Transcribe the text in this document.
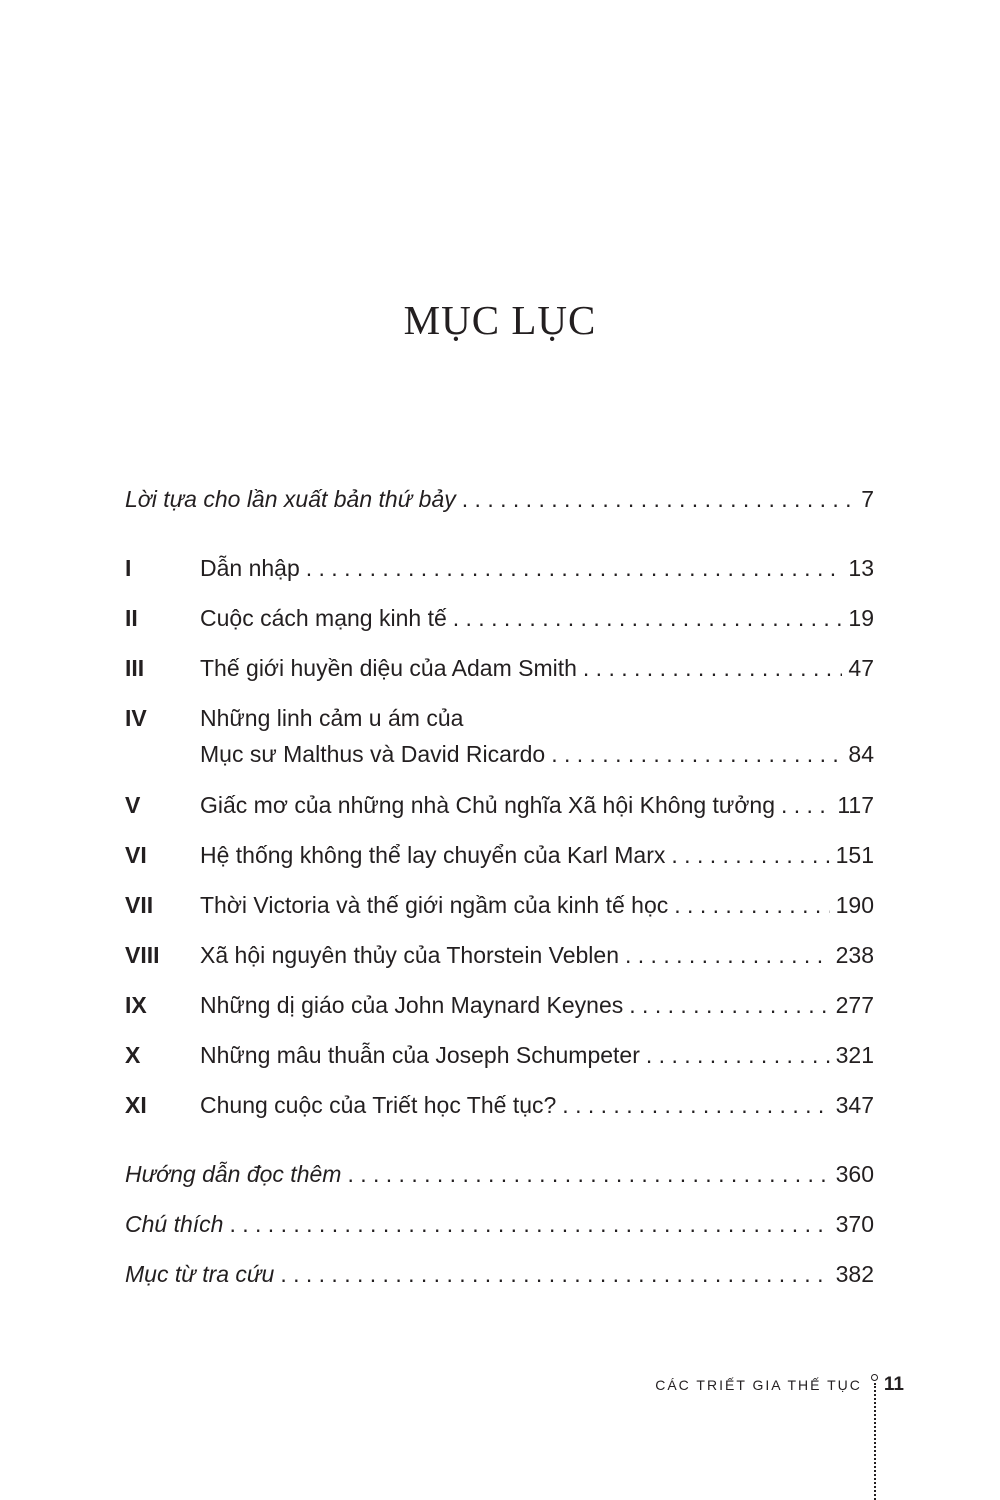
MỤC LỤC
Lời tựa cho lần xuất bản thứ bảy . . .	7
I	Dẫn nhập . . .	13
II	Cuộc cách mạng kinh tế . . .	19
III	Thế giới huyền diệu của Adam Smith . . .	47
IV	Những linh cảm u ám của
Mục sư Malthus và David Ricardo . . .	84
V	Giấc mơ của những nhà Chủ nghĩa Xã hội Không tưởng . . .	117
VI	Hệ thống không thể lay chuyển của Karl Marx . . .	151
VII	Thời Victoria và thế giới ngầm của kinh tế học . . .	190
VIII	Xã hội nguyên thủy của Thorstein Veblen . . .	238
IX	Những dị giáo của John Maynard Keynes . . .	277
X	Những mâu thuẫn của Joseph Schumpeter . . .	321
XI	Chung cuộc của Triết học Thế tục? . . .	347
Hướng dẫn đọc thêm . . .	360
Chú thích . . .	370
Mục từ tra cứu . . .	382
CÁC TRIẾT GIA THẾ TỤC 11
